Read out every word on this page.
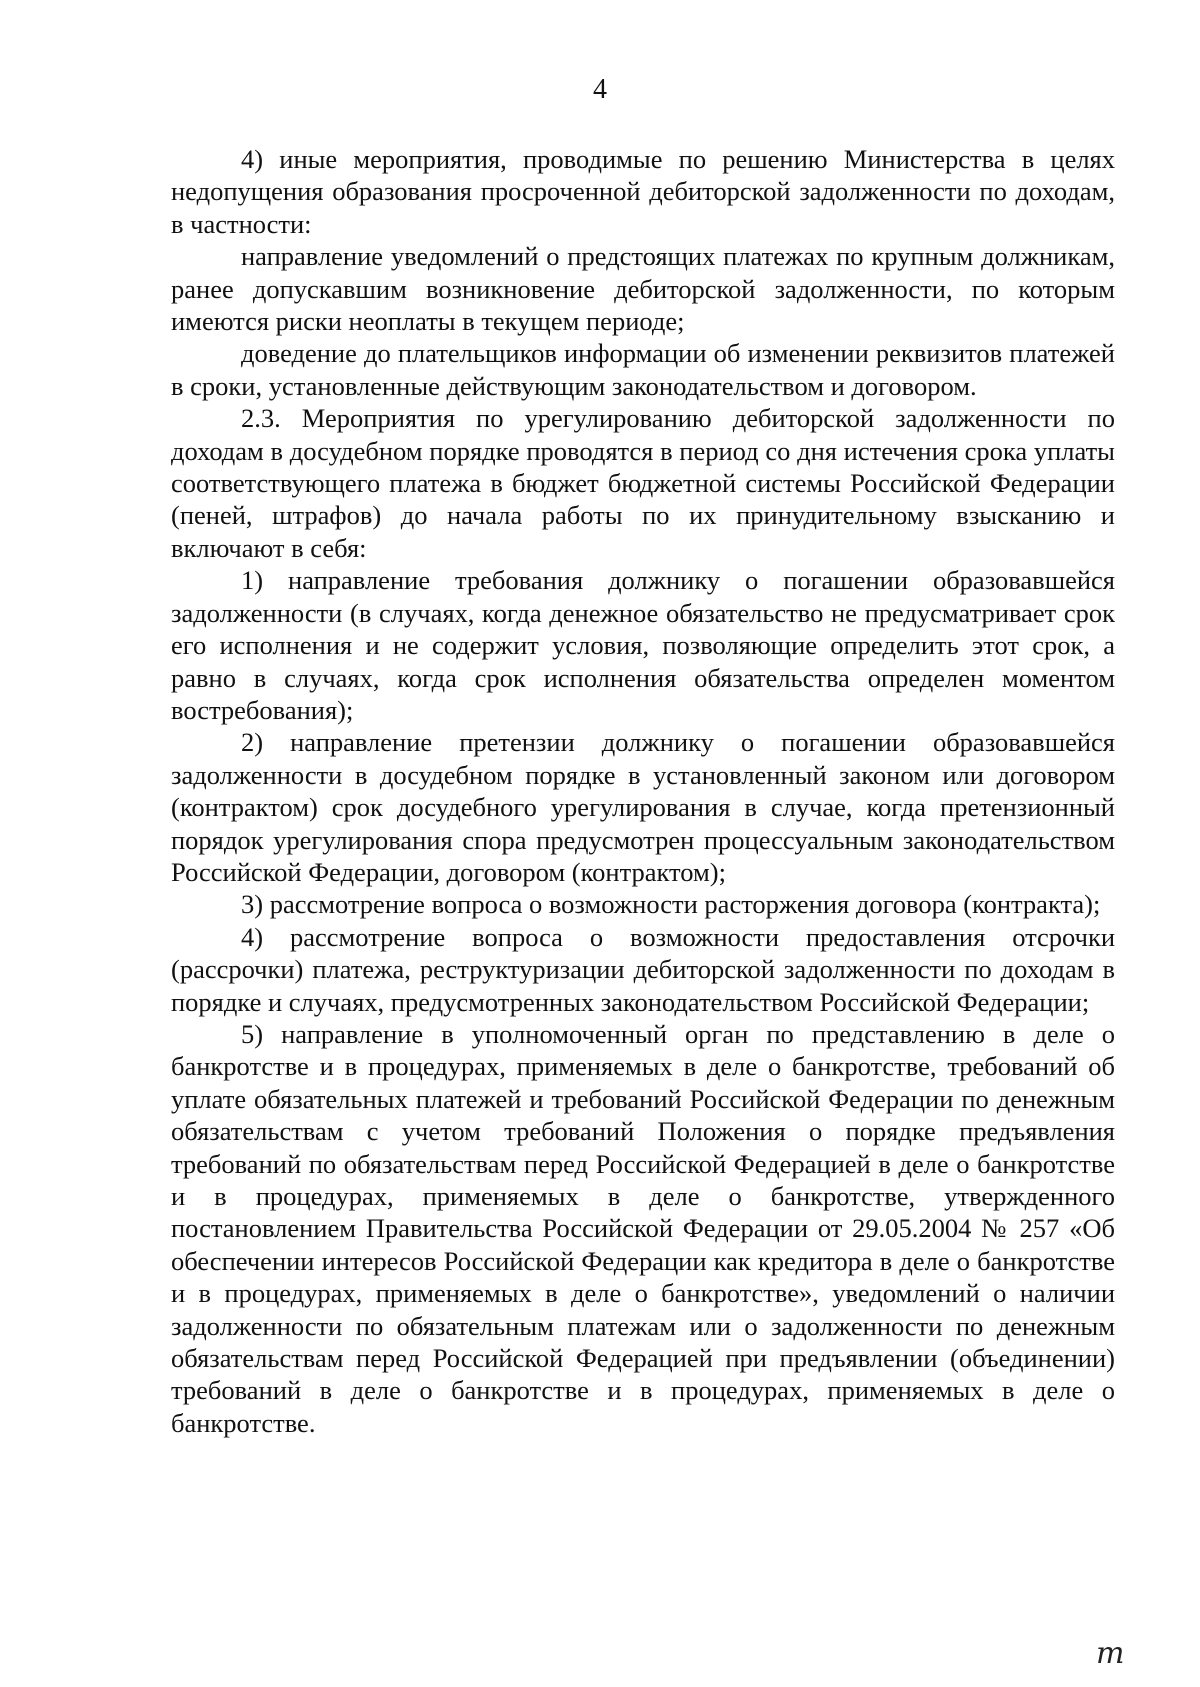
4

4) иные мероприятия, проводимые по решению Министерства в целях недопущения образования просроченной дебиторской задолженности по доходам, в частности:

направление уведомлений о предстоящих платежах по крупным должникам, ранее допускавшим возникновение дебиторской задолженности, по которым имеются риски неоплаты в текущем периоде;

доведение до плательщиков информации об изменении реквизитов платежей в сроки, установленные действующим законодательством и договором.

2.3. Мероприятия по урегулированию дебиторской задолженности по доходам в досудебном порядке проводятся в период со дня истечения срока уплаты соответствующего платежа в бюджет бюджетной системы Российской Федерации (пеней, штрафов) до начала работы по их принудительному взысканию и включают в себя:

1) направление требования должнику о погашении образовавшейся задолженности (в случаях, когда денежное обязательство не предусматривает срок его исполнения и не содержит условия, позволяющие определить этот срок, а равно в случаях, когда срок исполнения обязательства определен моментом востребования);

2) направление претензии должнику о погашении образовавшейся задолженности в досудебном порядке в установленный законом или договором (контрактом) срок досудебного урегулирования в случае, когда претензионный порядок урегулирования спора предусмотрен процессуальным законодательством Российской Федерации, договором (контрактом);

3) рассмотрение вопроса о возможности расторжения договора (контракта);

4) рассмотрение вопроса о возможности предоставления отсрочки (рассрочки) платежа, реструктуризации дебиторской задолженности по доходам в порядке и случаях, предусмотренных законодательством Российской Федерации;

5) направление в уполномоченный орган по представлению в деле о банкротстве и в процедурах, применяемых в деле о банкротстве, требований об уплате обязательных платежей и требований Российской Федерации по денежным обязательствам с учетом требований Положения о порядке предъявления требований по обязательствам перед Российской Федерацией в деле о банкротстве и в процедурах, применяемых в деле о банкротстве, утвержденного постановлением Правительства Российской Федерации от 29.05.2004 № 257 «Об обеспечении интересов Российской Федерации как кредитора в деле о банкротстве и в процедурах, применяемых в деле о банкротстве», уведомлений о наличии задолженности по обязательным платежам или о задолженности по денежным обязательствам перед Российской Федерацией при предъявлении (объединении) требований в деле о банкротстве и в процедурах, применяемых в деле о банкротстве.

m
